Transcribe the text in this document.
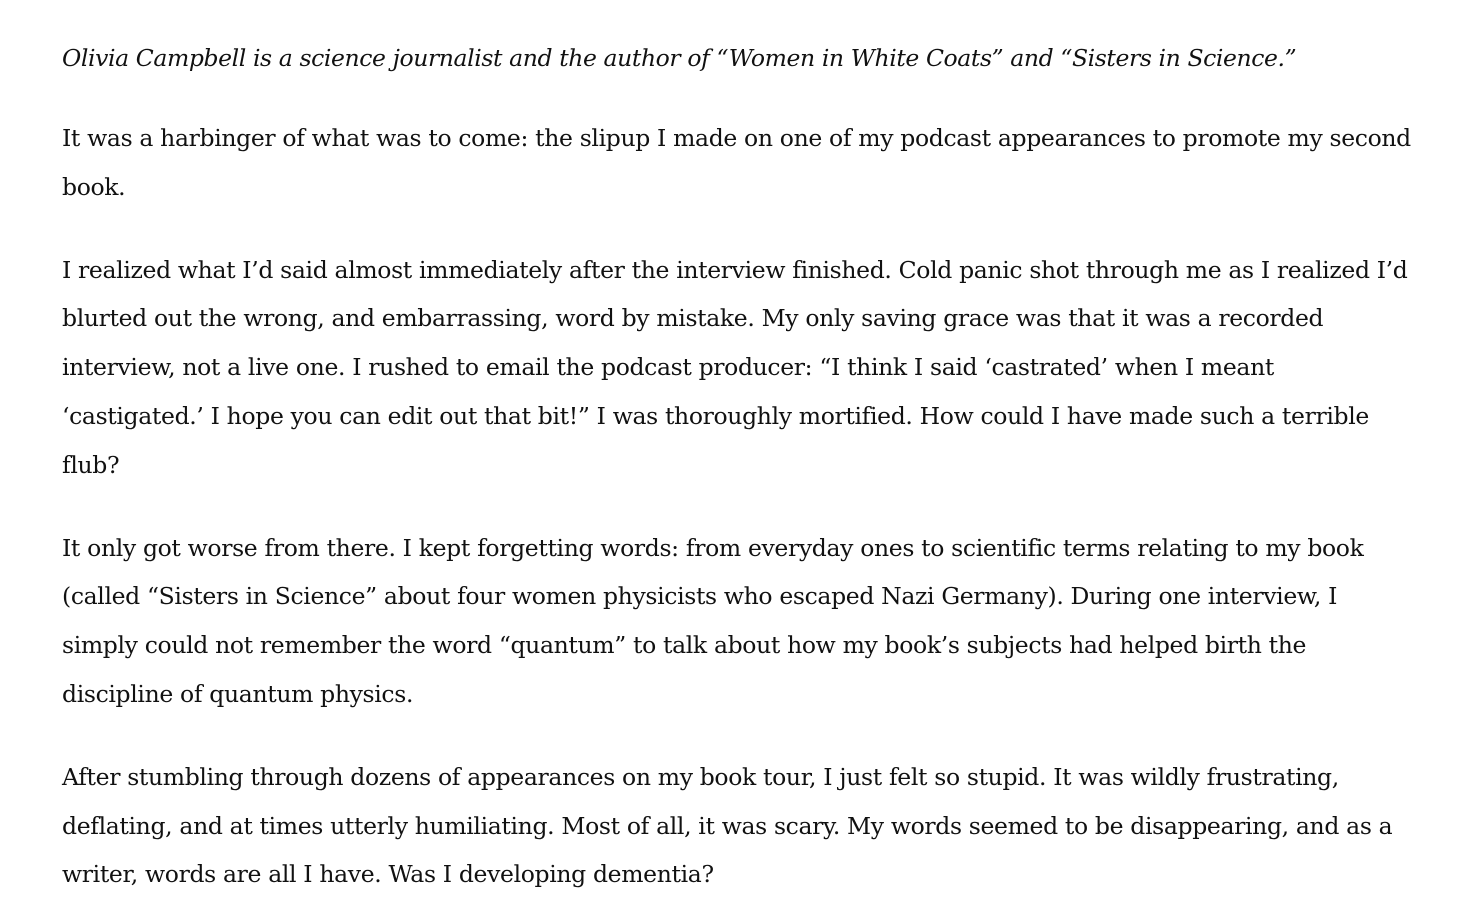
Olivia Campbell is a science journalist and the author of “Women in White Coats” and “Sisters in Science.”

It was a harbinger of what was to come: the slipup I made on one of my podcast appearances to promote my second book.

I realized what I’d said almost immediately after the interview finished. Cold panic shot through me as I realized I’d blurted out the wrong, and embarrassing, word by mistake. My only saving grace was that it was a recorded interview, not a live one. I rushed to email the podcast producer: “I think I said ‘castrated’ when I meant ‘castigated.’ I hope you can edit out that bit!” I was thoroughly mortified. How could I have made such a terrible flub?

It only got worse from there. I kept forgetting words: from everyday ones to scientific terms relating to my book (called “Sisters in Science” about four women physicists who escaped Nazi Germany). During one interview, I simply could not remember the word “quantum” to talk about how my book’s subjects had helped birth the discipline of quantum physics.

After stumbling through dozens of appearances on my book tour, I just felt so stupid. It was wildly frustrating, deflating, and at times utterly humiliating. Most of all, it was scary. My words seemed to be disappearing, and as a writer, words are all I have. Was I developing dementia?
